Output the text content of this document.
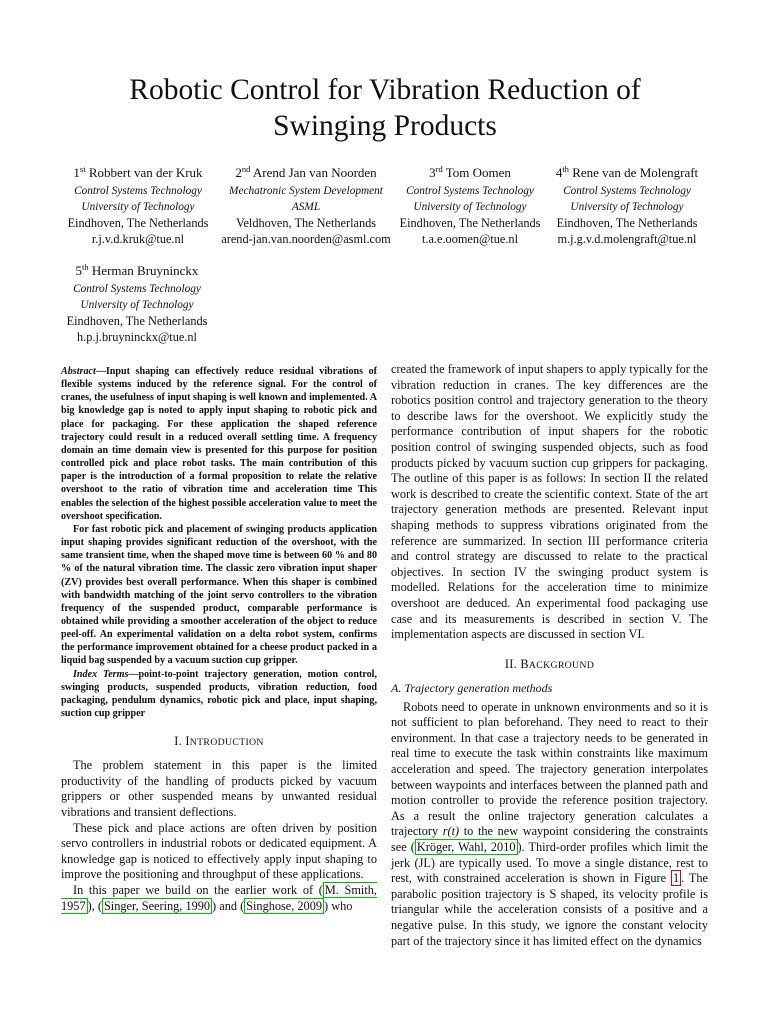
Robotic Control for Vibration Reduction of
Swinging Products
1st Robbert van der Kruk
Control Systems Technology
University of Technology
Eindhoven, The Netherlands
r.j.v.d.kruk@tue.nl
2nd Arend Jan van Noorden
Mechatronic System Development
ASML
Veldhoven, The Netherlands
arend-jan.van.noorden@asml.com
3rd Tom Oomen
Control Systems Technology
University of Technology
Eindhoven, The Netherlands
t.a.e.oomen@tue.nl
4th Rene van de Molengraft
Control Systems Technology
University of Technology
Eindhoven, The Netherlands
m.j.g.v.d.molengraft@tue.nl
5th Herman Bruyninckx
Control Systems Technology
University of Technology
Eindhoven, The Netherlands
h.p.j.bruyninckx@tue.nl

Abstract—Input shaping can effectively reduce residual vibrations of flexible systems induced by the reference signal. For the control of cranes, the usefulness of input shaping is well known and implemented. A big knowledge gap is noted to apply input shaping to robotic pick and place for packaging. For these application the shaped reference trajectory could result in a reduced overall settling time. A frequency domain an time domain view is presented for this purpose for position controlled pick and place robot tasks. The main contribution of this paper is the introduction of a formal proposition to relate the relative overshoot to the ratio of vibration time and acceleration time This enables the selection of the highest possible acceleration value to meet the overshoot specification.

For fast robotic pick and placement of swinging products application input shaping provides significant reduction of the overshoot, with the same transient time, when the shaped move time is between 60 % and 80 % of the natural vibration time. The classic zero vibration input shaper (ZV) provides best overall performance. When this shaper is combined with bandwidth matching of the joint servo controllers to the vibration frequency of the suspended product, comparable performance is obtained while providing a smoother acceleration of the object to reduce peel-off. An experimental validation on a delta robot system, confirms the performance improvement obtained for a cheese product packed in a liquid bag suspended by a vacuum suction cup gripper.

Index Terms—point-to-point trajectory generation, motion control, swinging products, suspended products, vibration reduction, food packaging, pendulum dynamics, robotic pick and place, input shaping, suction cup gripper

I. INTRODUCTION

The problem statement in this paper is the limited productivity of the handling of products picked by vacuum grippers or other suspended means by unwanted residual vibrations and transient deflections.

These pick and place actions are often driven by position servo controllers in industrial robots or dedicated equipment. A knowledge gap is noticed to effectively apply input shaping to improve the positioning and throughput of these applications.

In this paper we build on the earlier work of ( M. Smith, 1957 ), ( Singer, Seering, 1990 ) and ( Singhose, 2009 ) who

created the framework of input shapers to apply typically for the vibration reduction in cranes. The key differences are the robotics position control and trajectory generation to the theory to describe laws for the overshoot. We explicitly study the performance contribution of input shapers for the robotic position control of swinging suspended objects, such as food products picked by vacuum suction cup grippers for packaging. The outline of this paper is as follows: In section II the related work is described to create the scientific context. State of the art trajectory generation methods are presented. Relevant input shaping methods to suppress vibrations originated from the reference are summarized. In section III performance criteria and control strategy are discussed to relate to the practical objectives. In section IV the swinging product system is modelled. Relations for the acceleration time to minimize overshoot are deduced. An experimental food packaging use case and its measurements is described in section V. The implementation aspects are discussed in section VI.

II. BACKGROUND
A. Trajectory generation methods

Robots need to operate in unknown environments and so it is not sufficient to plan beforehand. They need to react to their environment. In that case a trajectory needs to be generated in real time to execute the task within constraints like maximum acceleration and speed. The trajectory generation interpolates between waypoints and interfaces between the planned path and motion controller to provide the reference position trajectory. As a result the online trajectory generation calculates a trajectory r(t) to the new waypoint considering the constraints see ( Kröger, Wahl, 2010 ). Third-order profiles which limit the jerk (JL) are typically used. To move a single distance, rest to rest, with constrained acceleration is shown in Figure 1 . The parabolic position trajectory is S shaped, its velocity profile is triangular while the acceleration consists of a positive and a negative pulse. In this study, we ignore the constant velocity part of the trajectory since it has limited effect on the dynamics
